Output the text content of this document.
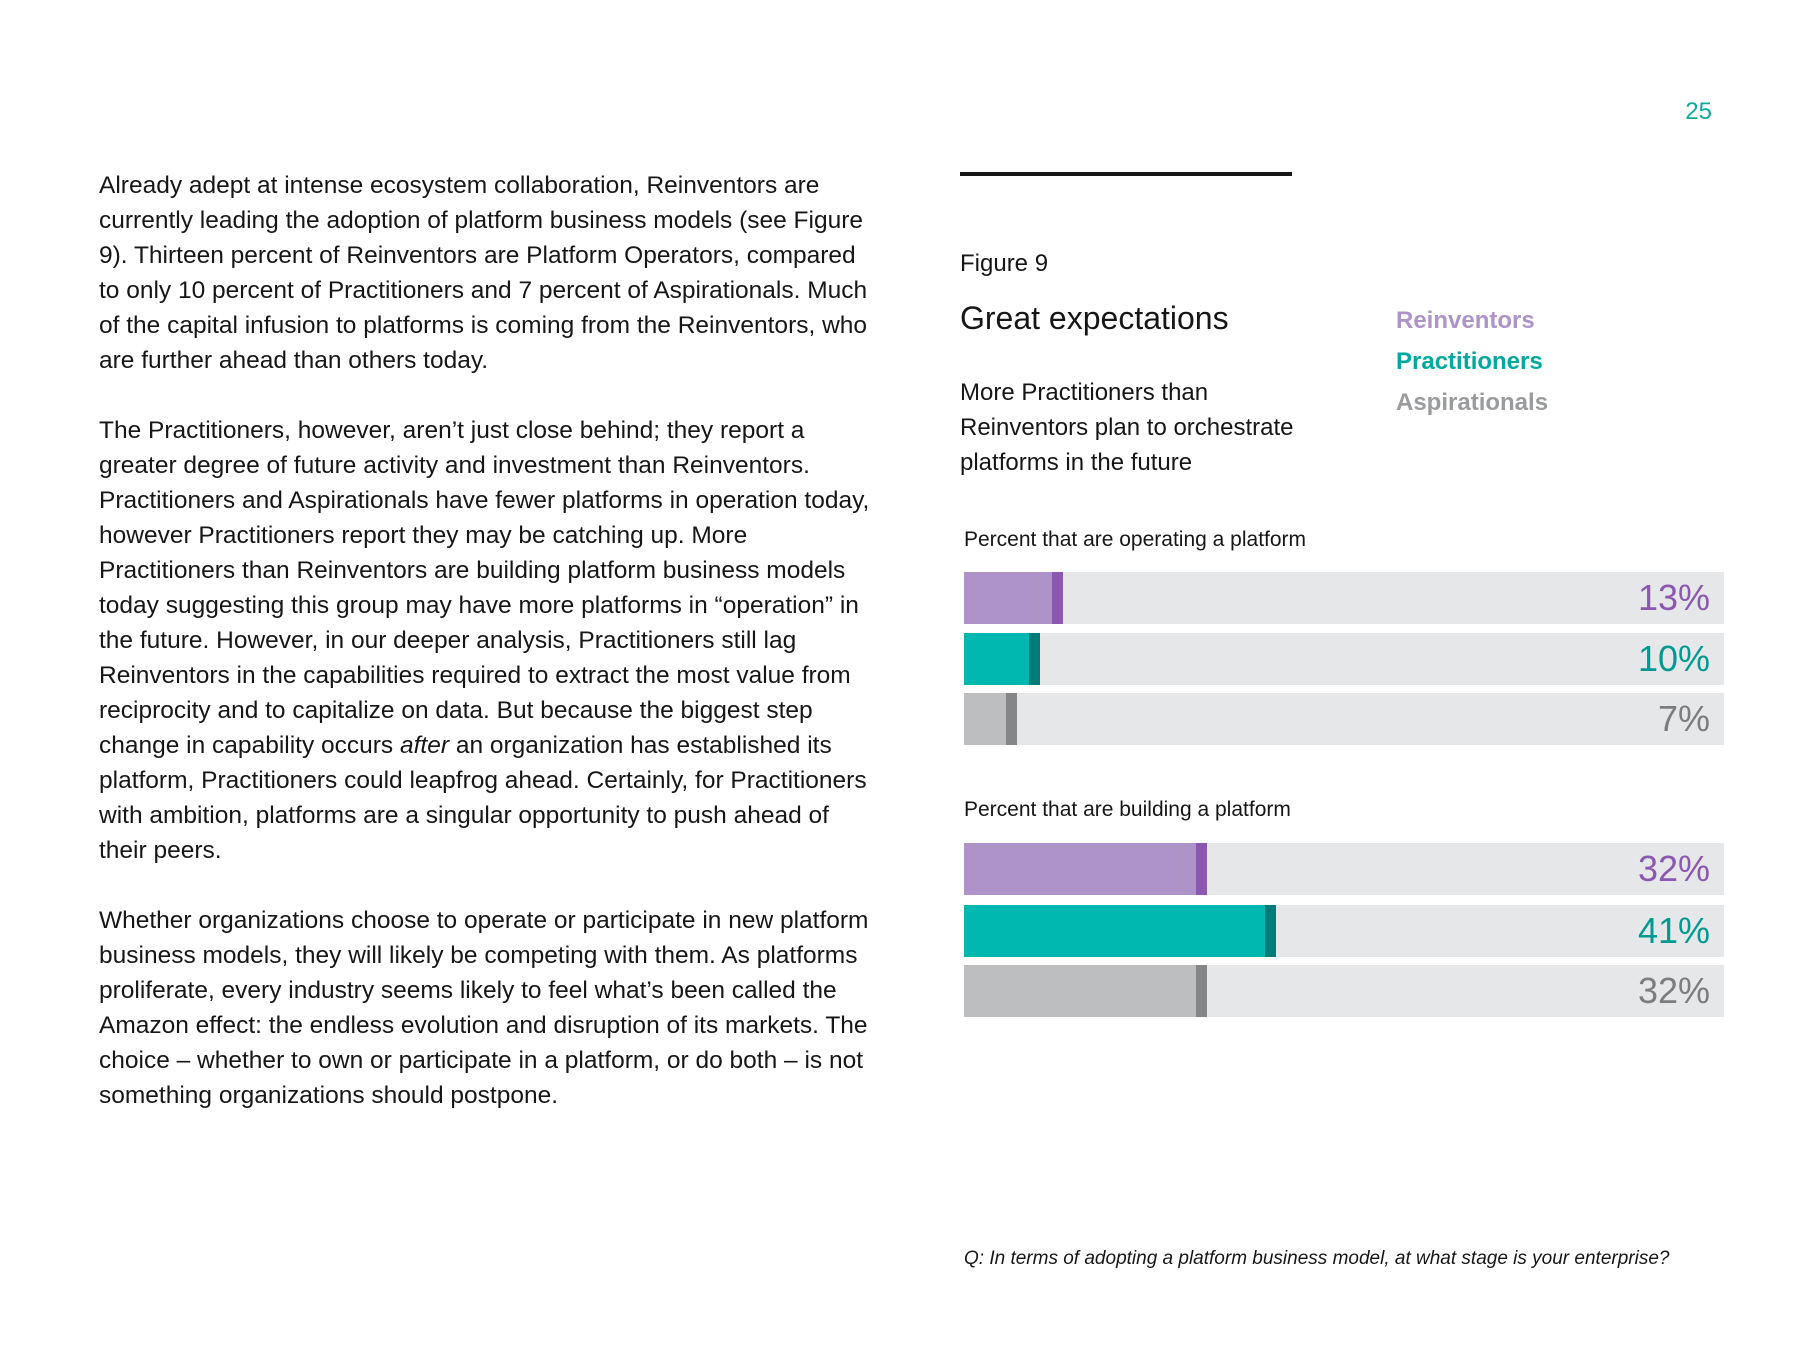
25

Already adept at intense ecosystem collaboration, Reinventors are currently leading the adoption of platform business models (see Figure 9). Thirteen percent of Reinventors are Platform Operators, compared to only 10 percent of Practitioners and 7 percent of Aspirationals. Much of the capital infusion to platforms is coming from the Reinventors, who are further ahead than others today.

The Practitioners, however, aren’t just close behind; they report a greater degree of future activity and investment than Reinventors. Practitioners and Aspirationals have fewer platforms in operation today, however Practitioners report they may be catching up. More Practitioners than Reinventors are building platform business models today suggesting this group may have more platforms in “operation” in the future. However, in our deeper analysis, Practitioners still lag Reinventors in the capabilities required to extract the most value from reciprocity and to capitalize on data. But because the biggest step change in capability occurs after an organization has established its platform, Practitioners could leapfrog ahead. Certainly, for Practitioners with ambition, platforms are a singular opportunity to push ahead of their peers.

Whether organizations choose to operate or participate in new platform business models, they will likely be competing with them. As platforms proliferate, every industry seems likely to feel what’s been called the Amazon effect: the endless evolution and disruption of its markets. The choice – whether to own or participate in a platform, or do both – is not something organizations should postpone.

Figure 9
Great expectations
More Practitioners than Reinventors plan to orchestrate platforms in the future
Reinventors
Practitioners
Aspirationals
Percent that are operating a platform
13%
10%
7%
Percent that are building a platform
32%
41%
32%
Q: In terms of adopting a platform business model, at what stage is your enterprise?
